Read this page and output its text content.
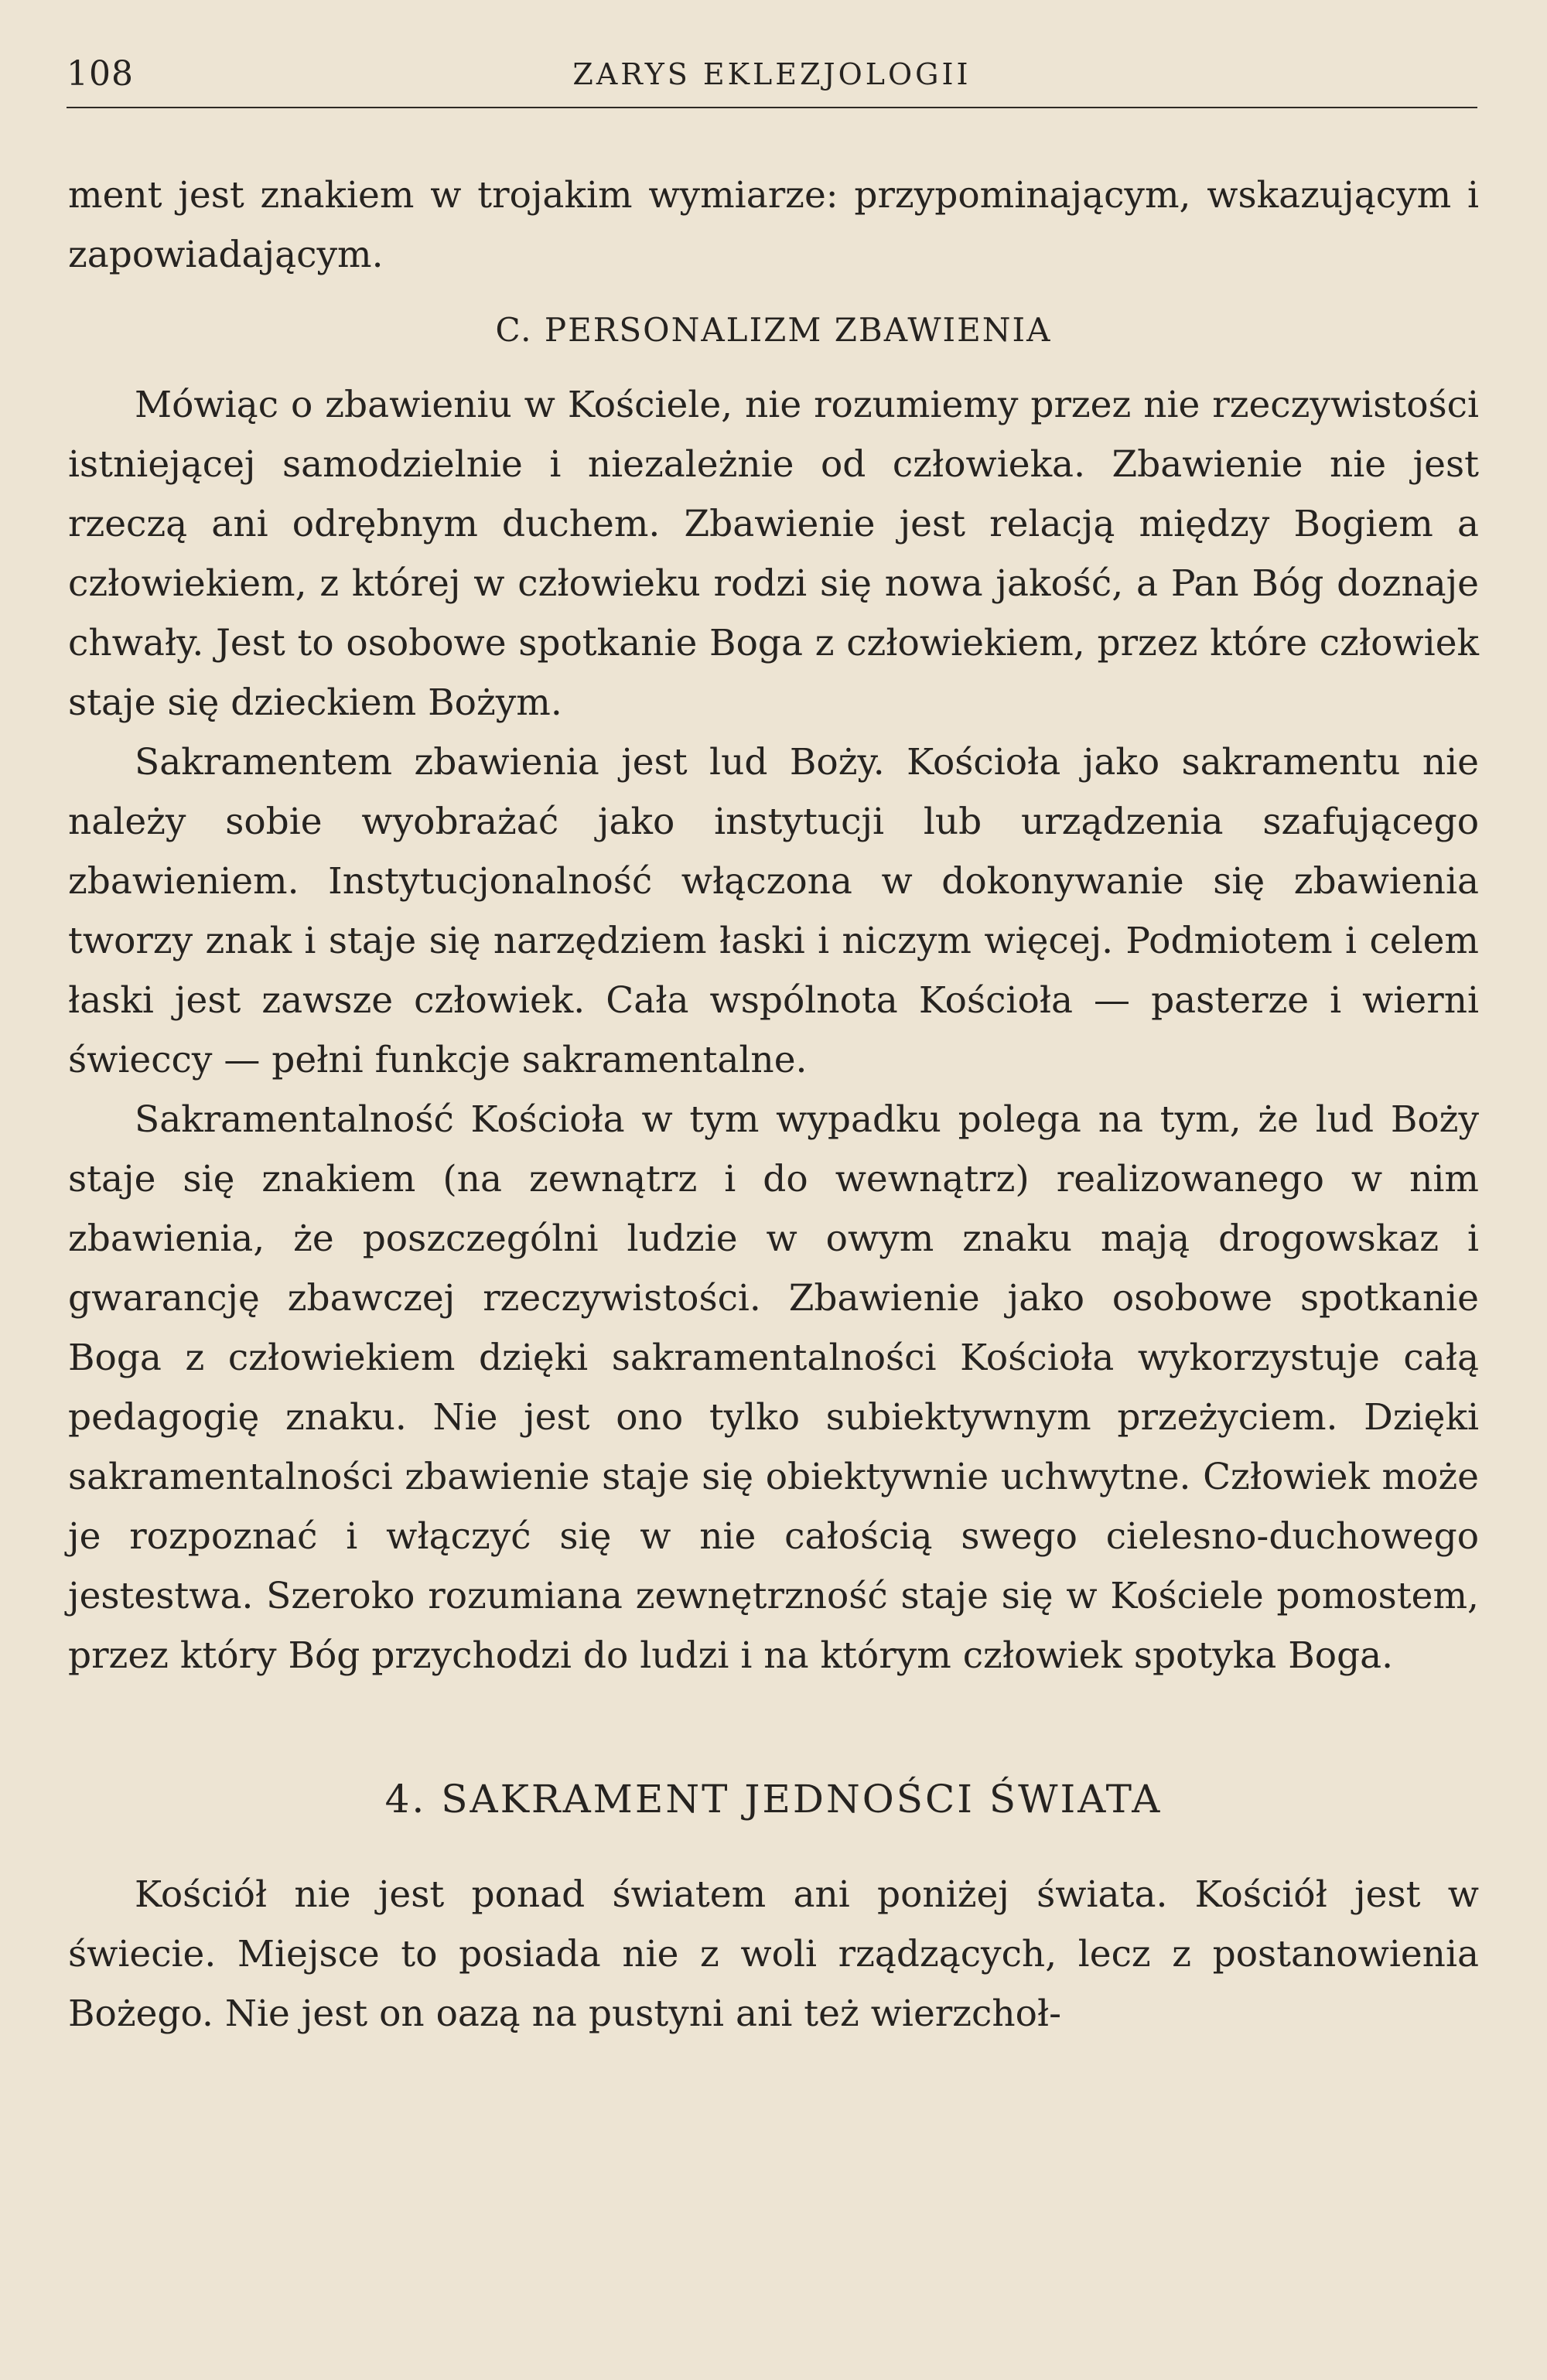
108	ZARYS EKLEZJOLOGII

ment jest znakiem w trojakim wymiarze: przypominającym, wskazującym i zapowiadającym.

C. PERSONALIZM ZBAWIENIA

Mówiąc o zbawieniu w Kościele, nie rozumiemy przez nie rzeczywistości istniejącej samodzielnie i niezależnie od człowieka. Zbawienie nie jest rzeczą ani odrębnym duchem. Zbawienie jest relacją między Bogiem a człowiekiem, z której w człowieku rodzi się nowa jakość, a Pan Bóg doznaje chwały. Jest to osobowe spotkanie Boga z człowiekiem, przez które człowiek staje się dzieckiem Bożym.

Sakramentem zbawienia jest lud Boży. Kościoła jako sakramentu nie należy sobie wyobrażać jako instytucji lub urządzenia szafującego zbawieniem. Instytucjonalność włączona w dokonywanie się zbawienia tworzy znak i staje się narzędziem łaski i niczym więcej. Podmiotem i celem łaski jest zawsze człowiek. Cała wspólnota Kościoła — pasterze i wierni świeccy — pełni funkcje sakramentalne.

Sakramentalność Kościoła w tym wypadku polega na tym, że lud Boży staje się znakiem (na zewnątrz i do wewnątrz) realizowanego w nim zbawienia, że poszczególni ludzie w owym znaku mają drogowskaz i gwarancję zbawczej rzeczywistości. Zbawienie jako osobowe spotkanie Boga z człowiekiem dzięki sakramentalności Kościoła wykorzystuje całą pedagogię znaku. Nie jest ono tylko subiektywnym przeżyciem. Dzięki sakramentalności zbawienie staje się obiektywnie uchwytne. Człowiek może je rozpoznać i włączyć się w nie całością swego cielesno-duchowego jestestwa. Szeroko rozumiana zewnętrzność staje się w Kościele pomostem, przez który Bóg przychodzi do ludzi i na którym człowiek spotyka Boga.

4. SAKRAMENT JEDNOŚCI ŚWIATA

Kościół nie jest ponad światem ani poniżej świata. Kościół jest w świecie. Miejsce to posiada nie z woli rządzących, lecz z postanowienia Bożego. Nie jest on oazą na pustyni ani też wierzchoł-
